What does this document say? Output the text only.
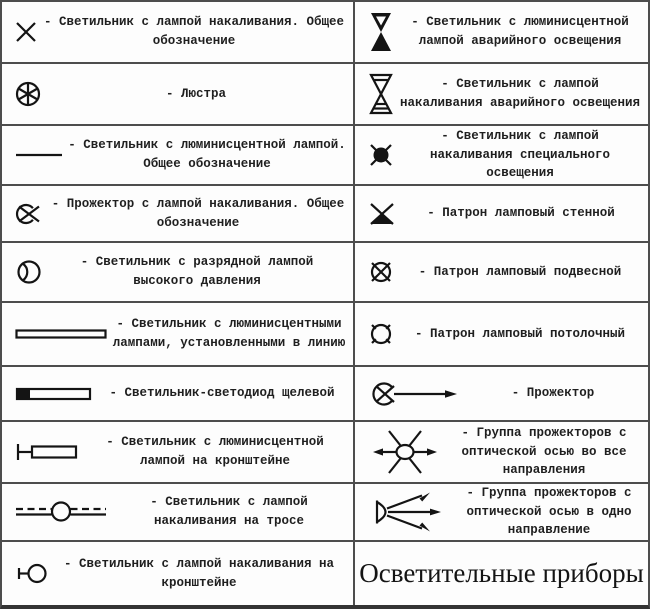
- Светильник с лампой накаливания. Общее обозначение
- Светильник с люминисцентной лампой аварийного освещения
- Люстра
- Светильник с лампой накаливания аварийного освещения
- Светильник с люминисцентной лампой. Общее обозначение
- Светильник с лампой накаливания специального освещения
- Прожектор с лампой накаливания. Общее обозначение
- Патрон ламповый стенной
- Светильник с разрядной лампой высокого давления
- Патрон ламповый подвесной
- Светильник с люминисцентными лампами, установленными в линию
- Патрон ламповый потолочный
- Светильник-светодиод щелевой	- Прожектор
- Светильник с люминисцентной лампой на кронштейне
- Группа прожекторов с оптической осью во все направления
- Светильник с лампой накаливания на тросе
- Группа прожекторов с оптической осью в одно направление
- Светильник с лампой накаливания на кронштейне	Осветительные приборы
